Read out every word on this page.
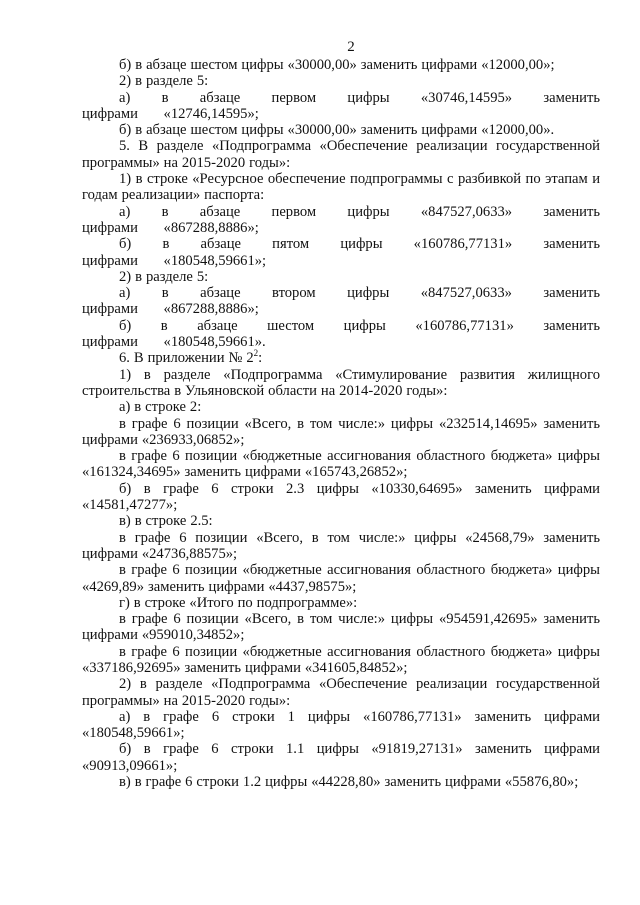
2

б) в абзаце шестом цифры «30000,00» заменить цифрами «12000,00»;

2) в разделе 5:

а) в абзаце первом цифры «30746,14595» заменить цифрами «12746,14595»;

б) в абзаце шестом цифры «30000,00» заменить цифрами «12000,00».

5. В разделе «Подпрограмма «Обеспечение реализации государственной программы» на 2015-2020 годы»:

1) в строке «Ресурсное обеспечение подпрограммы с разбивкой по этапам и годам реализации» паспорта:

а) в абзаце первом цифры «847527,0633» заменить цифрами «867288,8886»;

б) в абзаце пятом цифры «160786,77131» заменить цифрами «180548,59661»;

2) в разделе 5:

а) в абзаце втором цифры «847527,0633» заменить цифрами «867288,8886»;

б) в абзаце шестом цифры «160786,77131» заменить цифрами «180548,59661».

6. В приложении № $2^2$:

1) в разделе «Подпрограмма «Стимулирование развития жилищного строительства в Ульяновской области на 2014-2020 годы»:

а) в строке 2:

в графе 6 позиции «Всего, в том числе:» цифры «232514,14695» заменить цифрами «236933,06852»;

в графе 6 позиции «бюджетные ассигнования областного бюджета» цифры «161324,34695» заменить цифрами «165743,26852»;

б) в графе 6 строки 2.3 цифры «10330,64695» заменить цифрами «14581,47277»;

в) в строке 2.5:

в графе 6 позиции «Всего, в том числе:» цифры «24568,79» заменить цифрами «24736,88575»;

в графе 6 позиции «бюджетные ассигнования областного бюджета» цифры «4269,89» заменить цифрами «4437,98575»;

г) в строке «Итого по подпрограмме»:

в графе 6 позиции «Всего, в том числе:» цифры «954591,42695» заменить цифрами «959010,34852»;

в графе 6 позиции «бюджетные ассигнования областного бюджета» цифры «337186,92695» заменить цифрами «341605,84852»;

2) в разделе «Подпрограмма «Обеспечение реализации государственной программы» на 2015-2020 годы»:

а) в графе 6 строки 1 цифры «160786,77131» заменить цифрами «180548,59661»;

б) в графе 6 строки 1.1 цифры «91819,27131» заменить цифрами «90913,09661»;

в) в графе 6 строки 1.2 цифры «44228,80» заменить цифрами «55876,80»;
